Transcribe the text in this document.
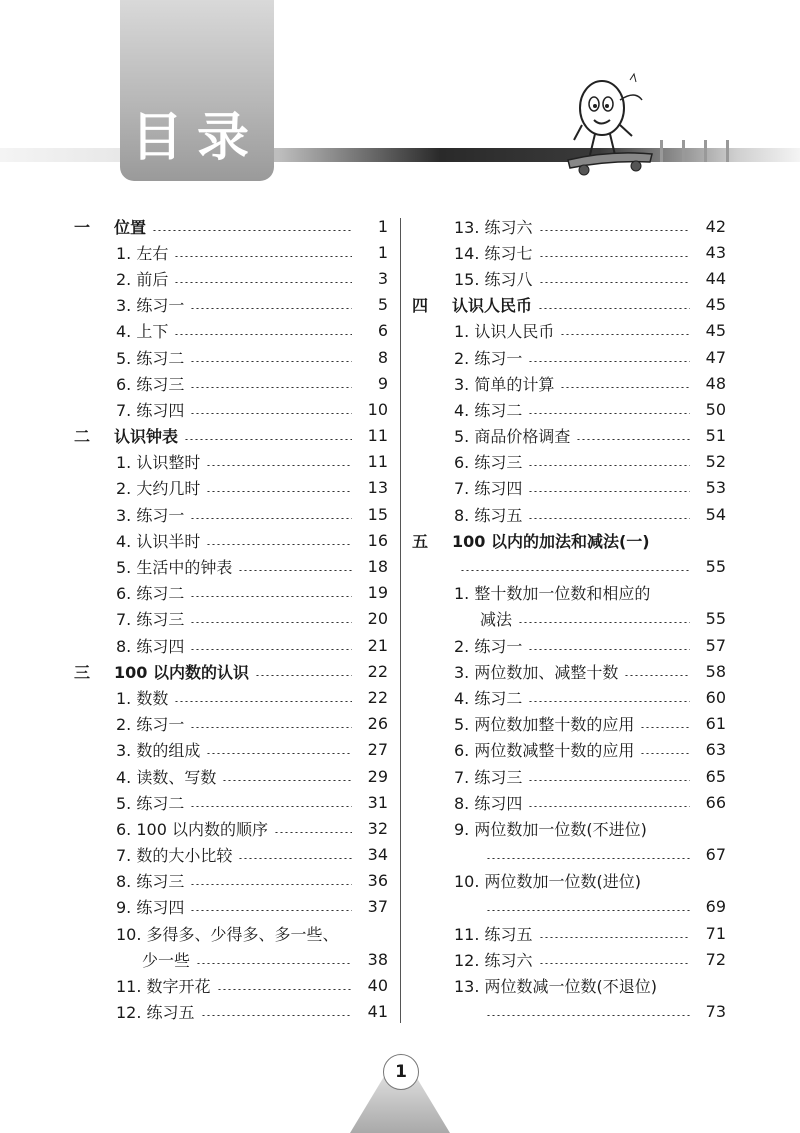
目录
一	位置	1
1. 左右	1
2. 前后	3
3. 练习一	5
4. 上下	6
5. 练习二	8
6. 练习三	9
7. 练习四	10
二	认识钟表	11
1. 认识整时	11
2. 大约几时	13
3. 练习一	15
4. 认识半时	16
5. 生活中的钟表	18
6. 练习二	19
7. 练习三	20
8. 练习四	21
三	100 以内数的认识	22
1. 数数	22
2. 练习一	26
3. 数的组成	27
4. 读数、写数	29
5. 练习二	31
6. 100 以内数的顺序	32
7. 数的大小比较	34
8. 练习三	36
9. 练习四	37
10. 多得多、少得多、多一些、
少一些	38
11. 数字开花	40
12. 练习五	41
13. 练习六	42
14. 练习七	43
15. 练习八	44
四	认识人民币	45
1. 认识人民币	45
2. 练习一	47
3. 简单的计算	48
4. 练习二	50
5. 商品价格调查	51
6. 练习三	52
7. 练习四	53
8. 练习五	54
五	100 以内的加法和减法(一)
55
1. 整十数加一位数和相应的
减法	55
2. 练习一	57
3. 两位数加、减整十数	58
4. 练习二	60
5. 两位数加整十数的应用	61
6. 两位数减整十数的应用	63
7. 练习三	65
8. 练习四	66
9. 两位数加一位数(不进位)
67
10. 两位数加一位数(进位)
69
11. 练习五	71
12. 练习六	72
13. 两位数减一位数(不退位)
73
1
